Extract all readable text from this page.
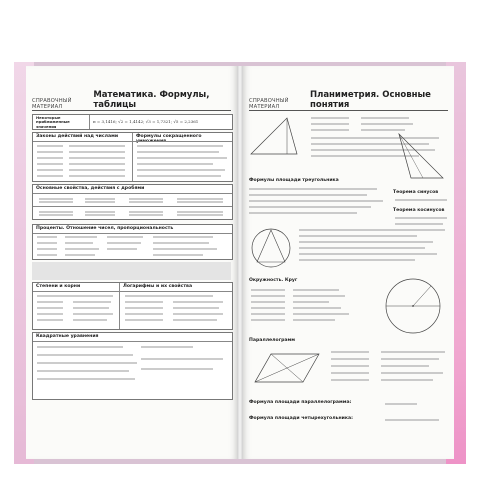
СПРАВОЧНЫЙ МАТЕРИАЛ
Математика. Формулы, таблицы
Некоторые приближенные значения
π = 3,1416; √2 = 1,4142; √3 = 1,7321; √5 = 2,2361
Законы действий над числами	Формулы сокращенного умножения
Основные свойства, действия с дробями
Проценты. Отношение чисел, пропорциональность
Степени и корни	Логарифмы и их свойства
Квадратные уравнения
СПРАВОЧНЫЙ МАТЕРИАЛ
Планиметрия. Основные понятия
Формулы площади треугольника
Теорема синусов
Теорема косинусов
Окружность. Круг
Параллелограмм
Формула площади параллелограмма:
Формула площади четырехугольника:
